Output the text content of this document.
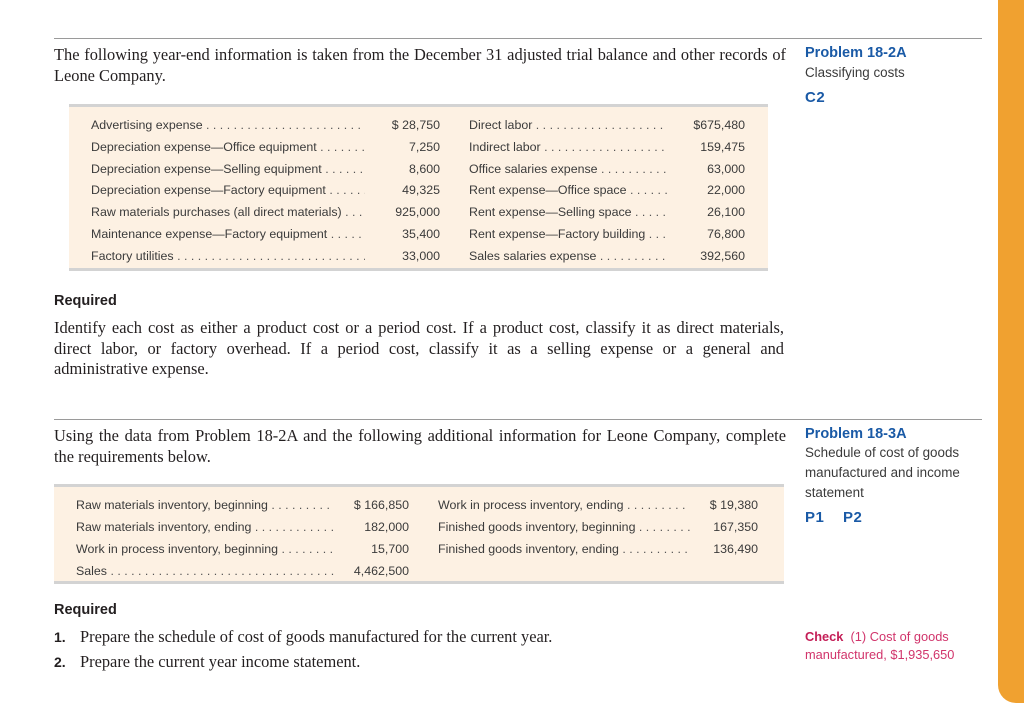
The following year-end information is taken from the December 31 adjusted trial balance and other records of Leone Company.

Problem 18-2A
Classifying costs
C2
Advertising expense . . .	$ 28,750
Depreciation expense—Office equipment . . .	7,250
Depreciation expense—Selling equipment . . .	8,600
Depreciation expense—Factory equipment . . .	49,325
Raw materials purchases (all direct materials) . . .	925,000
Maintenance expense—Factory equipment . . .	35,400
Factory utilities . . .	33,000
Direct labor . . .	$675,480
Indirect labor . . .	159,475
Office salaries expense . . .	63,000
Rent expense—Office space . . .	22,000
Rent expense—Selling space . . .	26,100
Rent expense—Factory building . . .	76,800
Sales salaries expense . . .	392,560
Required

Identify each cost as either a product cost or a period cost. If a product cost, classify it as direct materials, direct labor, or factory overhead. If a period cost, classify it as a selling expense or a general and administrative expense.

Using the data from Problem 18-2A and the following additional information for Leone Company, complete the requirements below.

Problem 18-3A
Schedule of cost of goods
manufactured and income
statement
P1 P2
Raw materials inventory, beginning . . .	$ 166,850
Raw materials inventory, ending . . .	182,000
Work in process inventory, beginning . . .	15,700
Sales . . .	4,462,500
Work in process inventory, ending . . .	$ 19,380
Finished goods inventory, beginning . . .	167,350
Finished goods inventory, ending . . .	136,490
Required
1. Prepare the schedule of cost of goods manufactured for the current year.
2. Prepare the current year income statement.
Check (1) Cost of goods manufactured, $1,935,650
